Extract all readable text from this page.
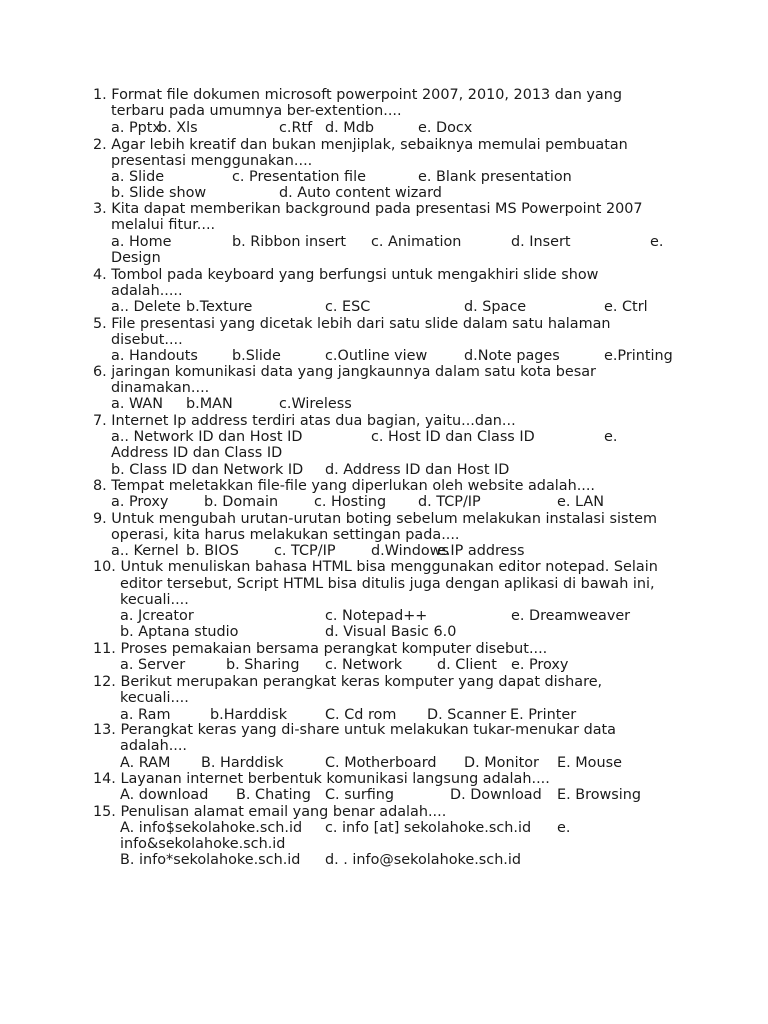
1. Format file dokumen microsoft powerpoint 2007, 2010, 2013 dan yang
terbaru pada umumnya ber-extention....
a. Pptx
b. Xls	c.Rtf d. Mdb	e. Docx
2. Agar lebih kreatif dan bukan menjiplak, sebaiknya memulai pembuatan
presentasi menggunakan....
a. Slide	c. Presentation file	e. Blank presentation
b. Slide show	d. Auto content wizard
3. Kita dapat memberikan background pada presentasi MS Powerpoint 2007
melalui fitur....
a. Home	b. Ribbon insert c. Animation	d. Insert	e.
Design
4. Tombol pada keyboard yang berfungsi untuk mengakhiri slide show
adalah.....
a.. Delete b.Texture	c. ESC	d. Space	e. Ctrl
5. File presentasi yang dicetak lebih dari satu slide dalam satu halaman
disebut....
a. Handouts b.Slide	c.Outline view	d.Note pages	e.Printing
6. jaringan komunikasi data yang jangkaunnya dalam satu kota besar
dinamakan....
a. WAN b.MAN	c.Wireless
7. Internet Ip address terdiri atas dua bagian, yaitu...dan...
a.. Network ID dan Host ID	c. Host ID dan Class ID	e.
Address ID dan Class ID
b. Class ID dan Network ID d. Address ID dan Host ID
8. Tempat meletakkan file-file yang diperlukan oleh website adalah....
a. Proxy b. Domain c. Hosting d. TCP/IP	e. LAN
9. Untuk mengubah urutan-urutan boting sebelum melakukan instalasi sistem
operasi, kita harus melakukan settingan pada....
a.. Kernel b. BIOS c. TCP/IP d.Windows
e.IP address
10. Untuk menuliskan bahasa HTML bisa menggunakan editor notepad. Selain
editor tersebut, Script HTML bisa ditulis juga dengan aplikasi di bawah ini,
kecuali....
a. Jcreator	c. Notepad++	e. Dreamweaver
b. Aptana studio	d. Visual Basic 6.0
11. Proses pemakaian bersama perangkat komputer disebut....
a. Server	b. Sharing c. Network d. Client e. Proxy
12. Berikut merupakan perangkat keras komputer yang dapat dishare,
kecuali....
a. Ram	b.Harddisk	C. Cd rom D. Scanner E. Printer
13. Perangkat keras yang di-share untuk melakukan tukar-menukar data
adalah....
A. RAM B. Harddisk	C. Motherboard D. Monitor E. Mouse
14. Layanan internet berbentuk komunikasi langsung adalah....
A. download B. Chating C. surfing	D. Download E. Browsing
15. Penulisan alamat email yang benar adalah....
A. info$sekolahoke.sch.id c. info [at] sekolahoke.sch.id e.
info&sekolahoke.sch.id
B. info*sekolahoke.sch.id d. . info@sekolahoke.sch.id
